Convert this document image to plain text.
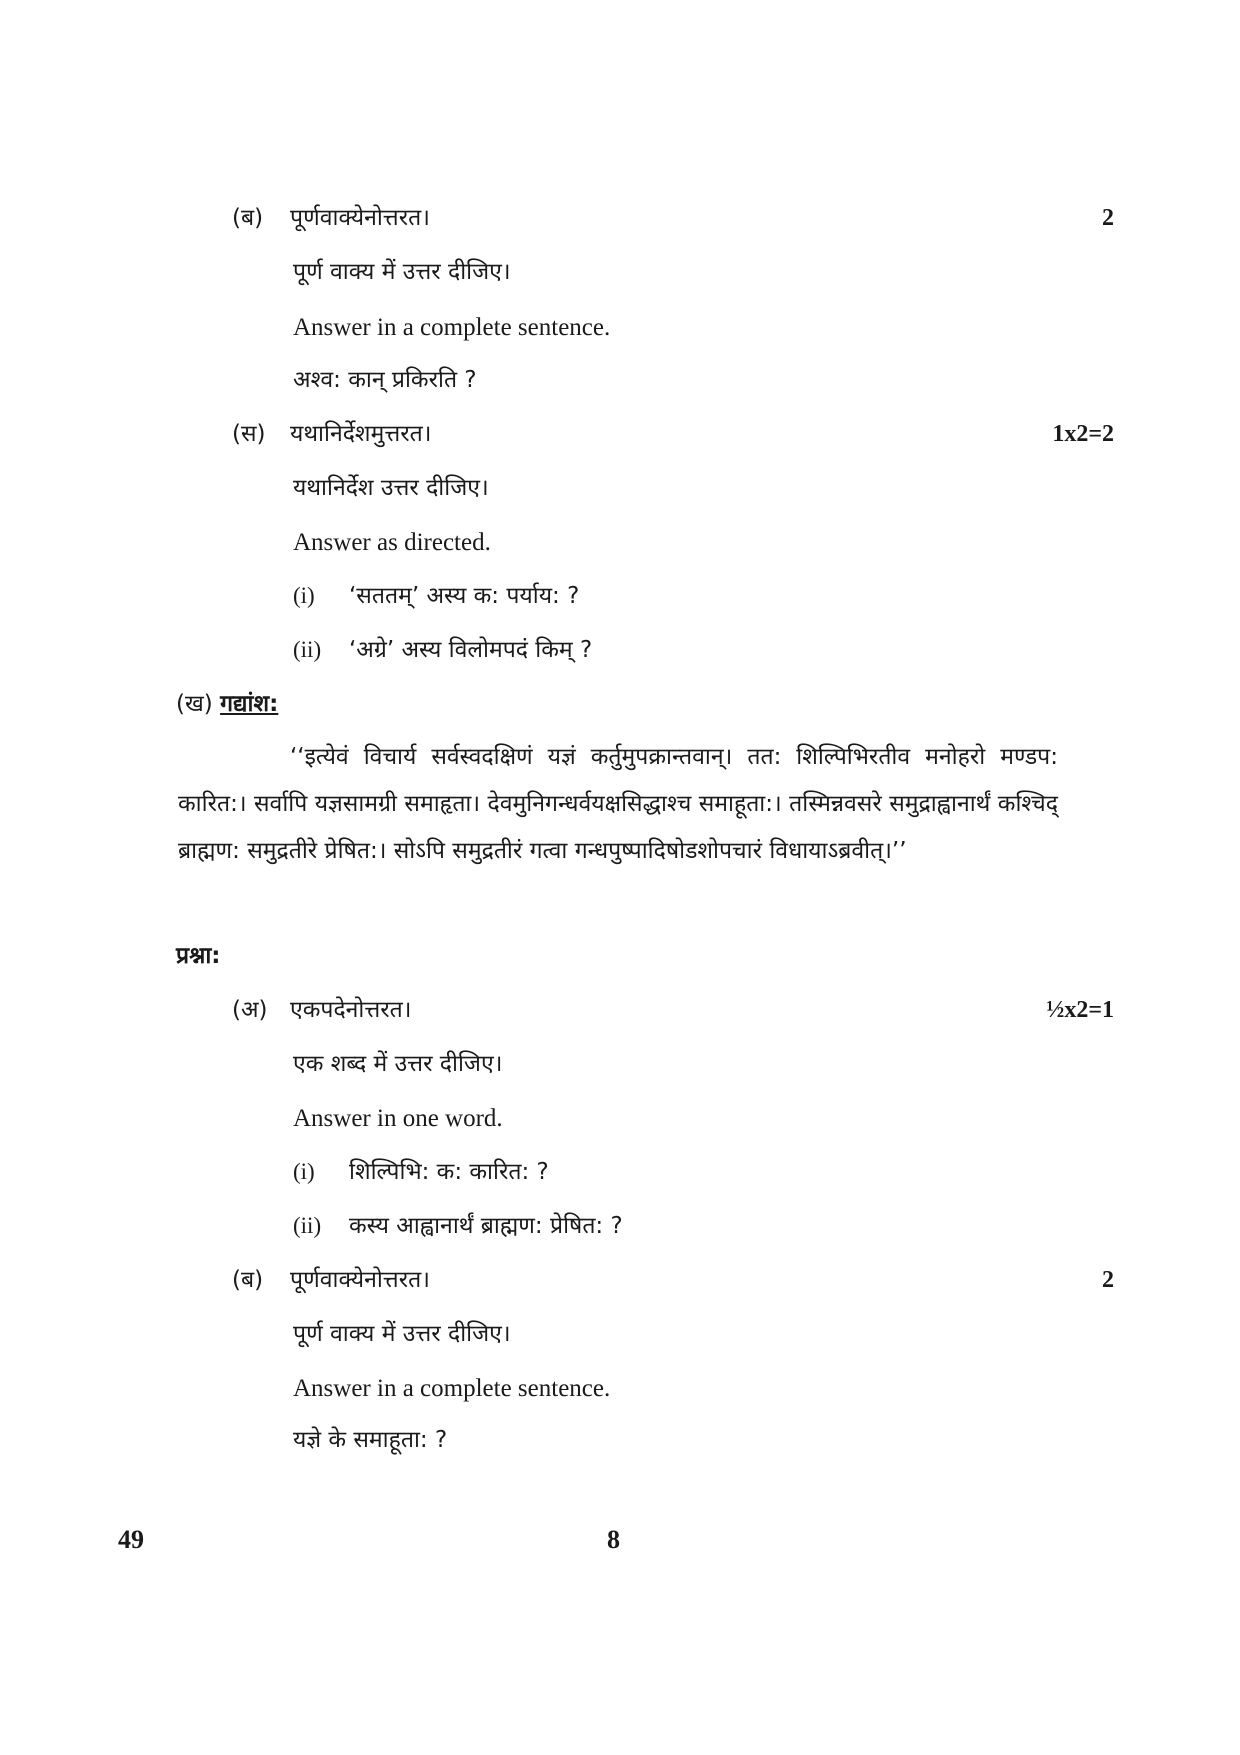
(ब) पूर्णवाक्येनोत्तरत।	2
पूर्ण वाक्य में उत्तर दीजिए।
Answer in a complete sentence.
अश्व: कान् प्रकिरति ?
(स) यथानिर्देशमुत्तरत।	1x2=2
यथानिर्देश उत्तर दीजिए।
Answer as directed.
(i) ‘सततम्’ अस्य क: पर्याय: ?
(ii) ‘अग्रे’ अस्य विलोमपदं किम् ?
(ख) गद्यांश:
‘‘इत्येवं विचार्य सर्वस्वदक्षिणं यज्ञं कर्तुमुपक्रान्तवान्। तत: शिल्पिभिरतीव मनोहरो मण्डप: कारित:। सर्वापि यज्ञसामग्री समाहृता। देवमुनिगन्धर्वयक्षसिद्धाश्च समाहूता:। तस्मिन्नवसरे समुद्राह्वानार्थं कश्चिद् ब्राह्मण: समुद्रतीरे प्रेषित:। सोऽपि समुद्रतीरं गत्वा गन्धपुष्पादिषोडशोपचारं विधायाऽब्रवीत्।’’
प्रश्ना:
(अ) एकपदेनोत्तरत।	½x2=1
एक शब्द में उत्तर दीजिए।
Answer in one word.
(i) शिल्पिभि: क: कारित: ?
(ii) कस्य आह्वानार्थं ब्राह्मण: प्रेषित: ?
(ब) पूर्णवाक्येनोत्तरत।	2
पूर्ण वाक्य में उत्तर दीजिए।
Answer in a complete sentence.
यज्ञे के समाहूता: ?
49	8
